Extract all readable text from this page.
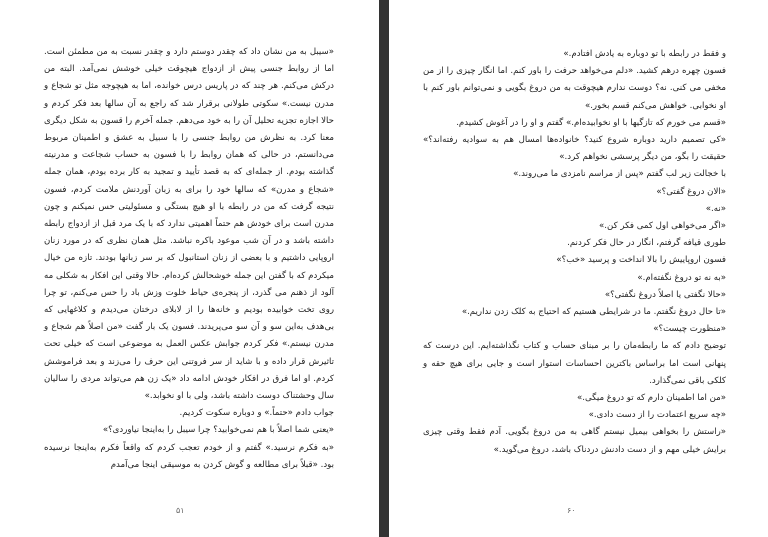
«سیبل به من نشان داد که چقدر دوستم دارد و چقدر نسبت به من مطمئن است. اما از روابط جنسی پیش از ازدواج هیچوقت خیلی خوشش نمی‌آمد. البته من درکش می‌کنم. هر چند که در پاریس درس خوانده، اما به هیچوجه مثل تو شجاع و مدرن نیست.» سکوتی طولانی برقرار شد که راجع به آن سالها بعد فکر کردم و حالا اجازه تجزیه تحلیل آن را به خود می‌دهم. جمله آخرم را قسون به شکل دیگری معنا کرد. به نظرش من روابط جنسی را با سبیل به عشق و اطمینان مربوط می‌دانستم، در حالی که همان روابط را با فسون به حساب شجاعت و مدرنیته گذاشته بودم. از جمله‌ای که به قصد تأیید و تمجید به کار برده بودم، همان جمله «شجاع و مدرن» که سالها خود را برای به زبان آوردنش ملامت کردم، فسون نتیجه گرفت که من در رابطه با او هیچ بستگی و مسئولیتی حس نمیکنم و چون مدرن است برای خودش هم حتماً اهمیتی ندارد که با یک مرد قبل از ازدواج رابطه داشته باشد و در آن شب موعود باکره نباشد. مثل همان نظری که در مورد زنان اروپایی داشتیم و با بعضی از زنان استانبول که بر سر زبانها بودند. تازه من خیال میکردم که با گفتن این جمله خوشحالش کرده‌ام. حالا وقتی این افکار به شکلی مه آلود از ذهنم می گذرد، از پنجره‌ی حیاط خلوت وزش باد را حس می‌کنم، تو چرا روی تخت خوابیده بودیم و خانه‌ها را از لابلای درختان می‌دیدم و کلاغهایی که بی‌هدف به‌این سو و آن سو می‌پریدند. فسون یک بار گفت «من اصلاً هم شجاع و مدرن نیستم.» فکر کردم جوابش عکس العمل به موضوعی است که خیلی تحت تاثیرش قرار داده و با شاید از سر فروتنی این حرف را می‌زند و بعد فراموشش کردم. او اما فرق در افکار خودش ادامه داد «یک زن هم می‌تواند مردی را سالیان سال وحشتناک دوست داشته باشد، ولی با او نخوابد.»

جواب دادم «حتماً.» و دوباره سکوت کردیم.

«یعنی شما اصلاً با هم نمی‌خوابید؟ چرا سیبل را به‌اینجا نیاوردی؟»

«به فکرم نرسید.» گفتم و از خودم تعجب کردم که واقعاً فکرم به‌اینجا نرسیده بود. «قبلاً برای مطالعه و گوش کردن به موسیقی اینجا می‌آمدم

۵۱

و فقط در رابطه با تو دوباره به یادش افتادم.»

فسون چهره درهم کشید. «دلم می‌خواهد حرفت را باور کنم. اما انگار چیزی را از من مخفی می کنی. نه؟ دوست ندارم هیچوقت به من دروغ بگویی و نمی‌توانم باور کنم با او نخوابی. خواهش می‌کنم قسم بخور.»

«قسم می خورم که تازگیها با او نخوابیده‌ام.» گفتم و او را در آغوش کشیدم.

«کی تصمیم دارید دوباره شروع کنید؟ خانواده‌ها امسال هم به سوادیه رفته‌اند؟» حقیقت را بگو، من دیگر پرسشی نخواهم کرد.»

با خجالت زیر لب گفتم «پس از مراسم نامزدی ما می‌روند.»

«الان دروغ گفتی؟»

«نه.»

«اگر می‌خواهی اول کمی فکر کن.»

طوری قیافه گرفتم، انگار در حال فکر کردنم.

فسون اروپاییش را بالا انداخت و پرسید «خب؟»

«به نه تو دروغ نگفته‌ام.»

«حالا نگفتی یا اصلاً دروغ نگفتی؟»

«تا حال دروغ نگفتم. ما در شرایطی هستیم که احتیاج به کلک زدن نداریم.»

«منظورت چیست؟»

توضیح دادم که ما رابطه‌مان را بر مبنای حساب و کتاب نگذاشته‌ایم. این درست که پنهانی است اما براساس باکترین احساسات استوار است و جایی برای هیچ حقه و کلکی باقی نمی‌گذارد.

«من اما اطمینان دارم که تو دروغ میگی.»

«چه سریع اعتمادت را از دست دادی.»

«راستش را بخواهی بیمیل نیستم گاهی به من دروغ بگویی. آدم فقط وقتی چیزی برایش خیلی مهم و از دست دادنش دردناک باشد، دروغ می‌گوید.»

۶۰
